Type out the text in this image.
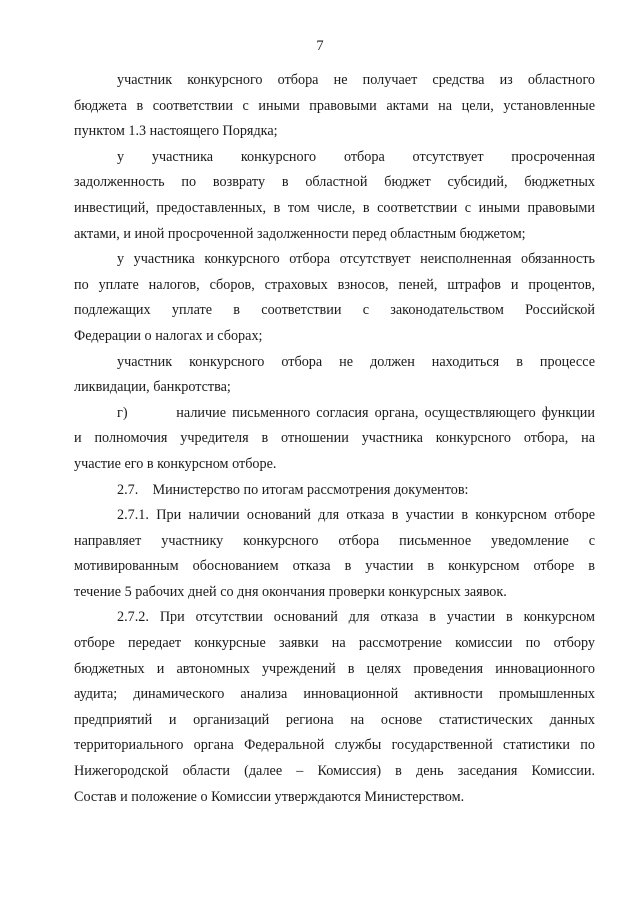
7

участник конкурсного отбора не получает средства из областного
бюджета в соответствии с иными правовыми актами на цели, установленные
пунктом 1.3 настоящего Порядка;

у участника конкурсного отбора отсутствует просроченная
задолженность по возврату в областной бюджет субсидий, бюджетных
инвестиций, предоставленных, в том числе, в соответствии с иными правовыми
актами, и иной просроченной задолженности перед областным бюджетом;

у участника конкурсного отбора отсутствует неисполненная обязанность
по уплате налогов, сборов, страховых взносов, пеней, штрафов и процентов,
подлежащих уплате в соответствии с законодательством Российской
Федерации о налогах и сборах;

участник конкурсного отбора не должен находиться в процессе
ликвидации, банкротства;

г)        наличие письменного согласия органа, осуществляющего функции
и полномочия учредителя в отношении участника конкурсного отбора, на
участие его в конкурсном отборе.

2.7.    Министерство по итогам рассмотрения документов:

2.7.1. При наличии оснований для отказа в участии в конкурсном отборе
направляет участнику конкурсного отбора письменное уведомление с
мотивированным обоснованием отказа в участии в конкурсном отборе в
течение 5 рабочих дней со дня окончания проверки конкурсных заявок.

2.7.2. При отсутствии оснований для отказа в участии в конкурсном
отборе передает конкурсные заявки на рассмотрение комиссии по отбору
бюджетных и автономных учреждений в целях проведения инновационного
аудита; динамического анализа инновационной активности промышленных
предприятий и организаций региона на основе статистических данных
территориального органа Федеральной службы государственной статистики по
Нижегородской области (далее – Комиссия) в день заседания Комиссии.
Состав и положение о Комиссии утверждаются Министерством.
